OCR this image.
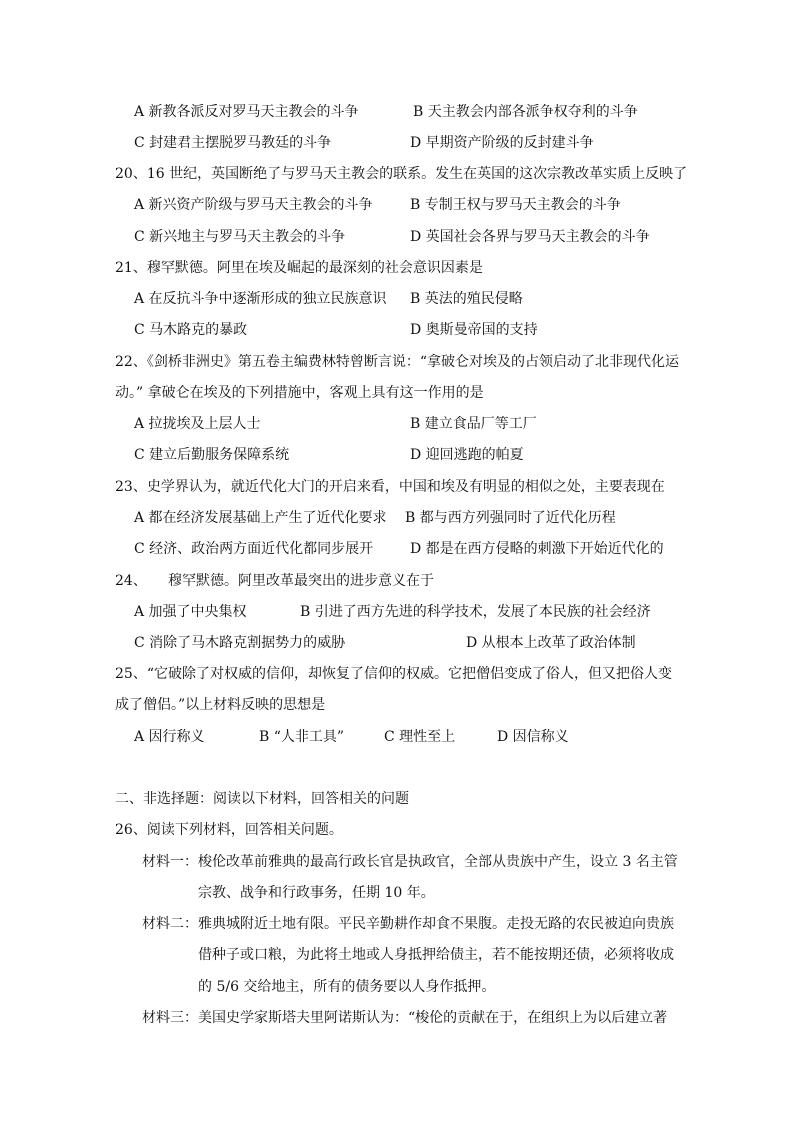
A 新教各派反对罗马天主教会的斗争	B 天主教会内部各派争权夺利的斗争
C 封建君主摆脱罗马教廷的斗争	D 早期资产阶级的反封建斗争
20、16 世纪，英国断绝了与罗马天主教会的联系。发生在英国的这次宗教改革实质上反映了
A 新兴资产阶级与罗马天主教会的斗争	B 专制王权与罗马天主教会的斗争
C 新兴地主与罗马天主教会的斗争	D 英国社会各界与罗马天主教会的斗争
21、穆罕默德。阿里在埃及崛起的最深刻的社会意识因素是
A 在反抗斗争中逐渐形成的独立民族意识 B 英法的殖民侵略
C 马木路克的暴政	D 奥斯曼帝国的支持
22、《剑桥非洲史》第五卷主编费林特曾断言说：“拿破仑对埃及的占领启动了北非现代化运
动。” 拿破仑在埃及的下列措施中，客观上具有这一作用的是
A 拉拢埃及上层人士	B 建立食品厂等工厂
C 建立后勤服务保障系统	D 迎回逃跑的帕夏
23、史学界认为，就近代化大门的开启来看，中国和埃及有明显的相似之处，主要表现在
A 都在经济发展基础上产生了近代化要求 B 都与西方列强同时了近代化历程
C 经济、政治两方面近代化都同步展开	D 都是在西方侵略的刺激下开始近代化的
24、 穆罕默德。阿里改革最突出的进步意义在于
A 加强了中央集权	B 引进了西方先进的科学技术，发展了本民族的社会经济
C 消除了马木路克割据势力的威胁	D 从根本上改革了政治体制
25、“它破除了对权威的信仰，却恢复了信仰的权威。它把僧侣变成了俗人，但又把俗人变
成了僧侣。”以上材料反映的思想是
A 因行称义	B “人非工具”	C 理性至上	D 因信称义
二、非选择题：阅读以下材料，回答相关的问题
26、阅读下列材料，回答相关问题。
材料一： 梭伦改革前雅典的最高行政长官是执政官，全部从贵族中产生，设立 3 名主管
宗教、战争和行政事务，任期 10 年。
材料二： 雅典城附近土地有限。平民辛勤耕作却食不果腹。走投无路的农民被迫向贵族
借种子或口粮，为此将土地或人身抵押给债主，若不能按期还债，必须将收成
的 5/6 交给地主，所有的债务要以人身作抵押。
材料三： 美国史学家斯塔夫里阿诺斯认为：“梭伦的贡献在于，在组织上为以后建立著
